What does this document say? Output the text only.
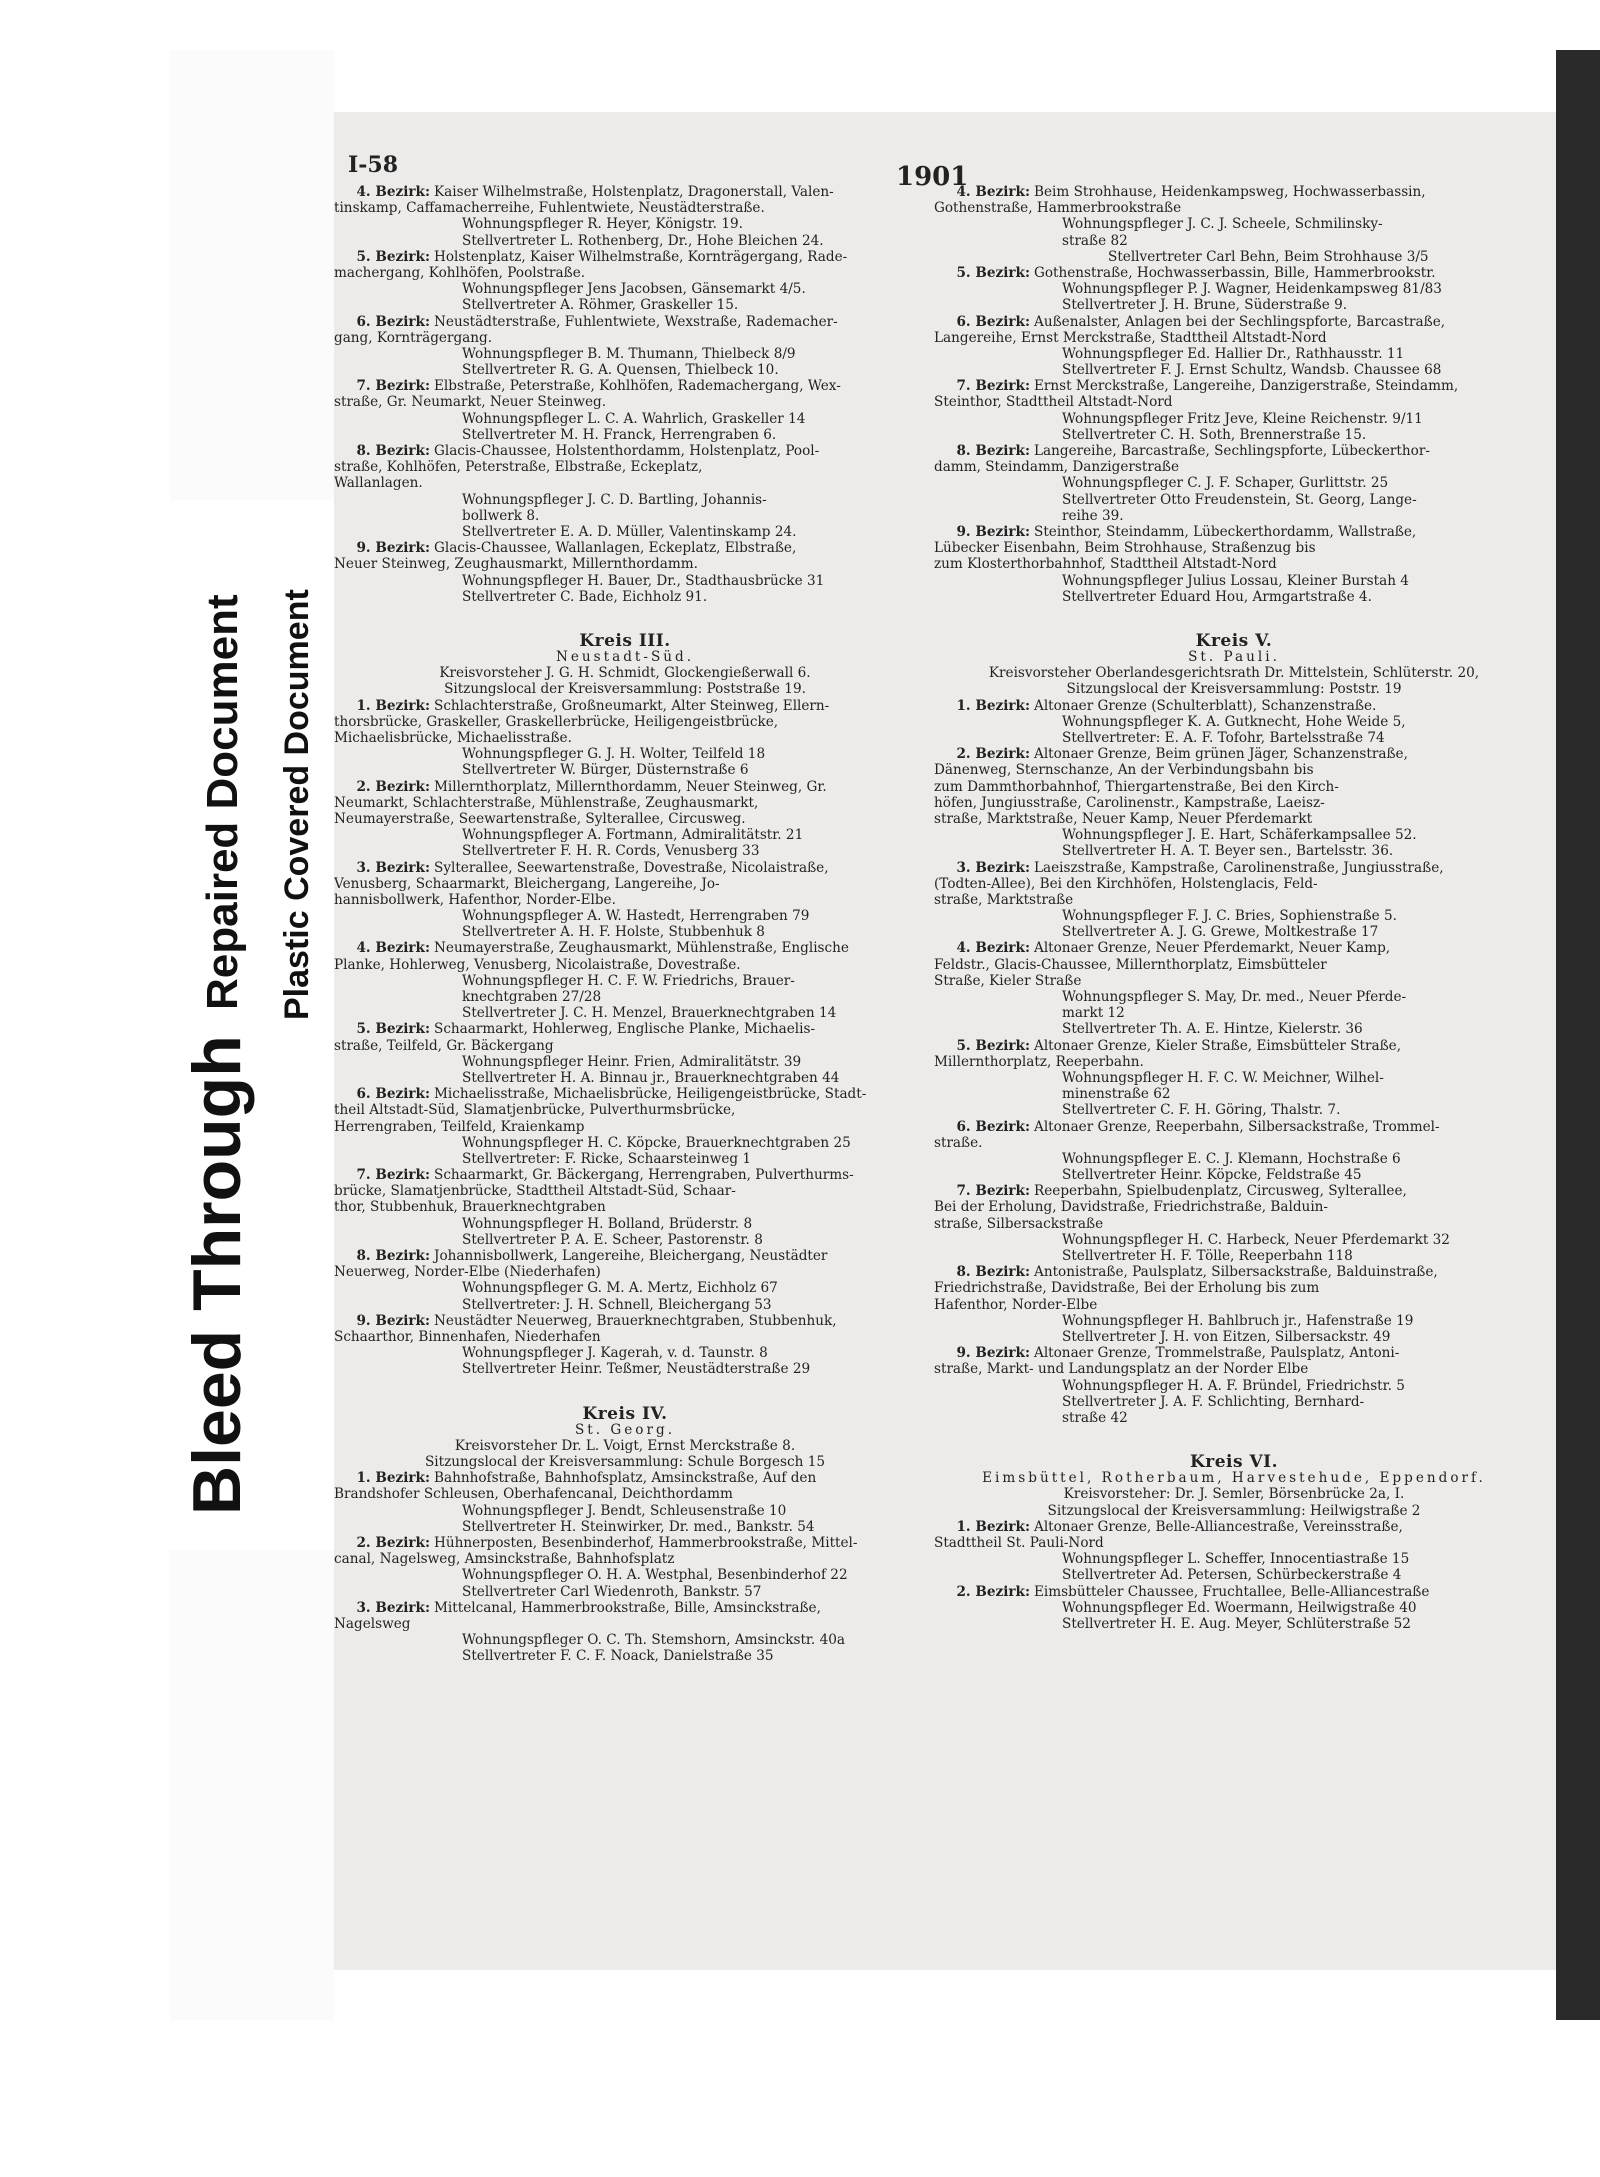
I-58	1901
4. Bezirk: Kaiser Wilhelmstraße, Holstenplatz, Dragonerstall, Valen-
tinskamp, Caffamacherreihe, Fuhlentwiete, Neustädterstraße.
Wohnungspfleger R. Heyer, Königstr. 19.
Stellvertreter L. Rothenberg, Dr., Hohe Bleichen 24.
5. Bezirk: Holstenplatz, Kaiser Wilhelmstraße, Kornträgergang, Rade-
machergang, Kohlhöfen, Poolstraße.
Wohnungspfleger Jens Jacobsen, Gänsemarkt 4/5.
Stellvertreter A. Röhmer, Graskeller 15.
6. Bezirk: Neustädterstraße, Fuhlentwiete, Wexstraße, Rademacher-
gang, Kornträgergang.
Wohnungspfleger B. M. Thumann, Thielbeck 8/9
Stellvertreter R. G. A. Quensen, Thielbeck 10.
7. Bezirk: Elbstraße, Peterstraße, Kohlhöfen, Rademachergang, Wex-
straße, Gr. Neumarkt, Neuer Steinweg.
Wohnungspfleger L. C. A. Wahrlich, Graskeller 14
Stellvertreter M. H. Franck, Herrengraben 6.
8. Bezirk: Glacis-Chaussee, Holstenthordamm, Holstenplatz, Pool-
straße, Kohlhöfen, Peterstraße, Elbstraße, Eckeplatz,
Wallanlagen.
Wohnungspfleger J. C. D. Bartling, Johannis-
bollwerk 8.
Stellvertreter E. A. D. Müller, Valentinskamp 24.
9. Bezirk: Glacis-Chaussee, Wallanlagen, Eckeplatz, Elbstraße,
Neuer Steinweg, Zeughausmarkt, Millernthordamm.
Wohnungspfleger H. Bauer, Dr., Stadthausbrücke 31
Stellvertreter C. Bade, Eichholz 91.
Kreis III.
Neustadt-Süd.
Kreisvorsteher J. G. H. Schmidt, Glockengießerwall 6.
Sitzungslocal der Kreisversammlung: Poststraße 19.
1. Bezirk: Schlachterstraße, Großneumarkt, Alter Steinweg, Ellern-
thorsbrücke, Graskeller, Graskellerbrücke, Heiligengeistbrücke,
Michaelisbrücke, Michaelisstraße.
Wohnungspfleger G. J. H. Wolter, Teilfeld 18
Stellvertreter W. Bürger, Düsternstraße 6
2. Bezirk: Millernthorplatz, Millernthordamm, Neuer Steinweg, Gr.
Neumarkt, Schlachterstraße, Mühlenstraße, Zeughausmarkt,
Neumayerstraße, Seewartenstraße, Sylterallee, Circusweg.
Wohnungspfleger A. Fortmann, Admiralitätstr. 21
Stellvertreter F. H. R. Cords, Venusberg 33
3. Bezirk: Sylterallee, Seewartenstraße, Dovestraße, Nicolaistraße,
Venusberg, Schaarmarkt, Bleichergang, Langereihe, Jo-
hannisbollwerk, Hafenthor, Norder-Elbe.
Wohnungspfleger A. W. Hastedt, Herrengraben 79
Stellvertreter A. H. F. Holste, Stubbenhuk 8
4. Bezirk: Neumayerstraße, Zeughausmarkt, Mühlenstraße, Englische
Planke, Hohlerweg, Venusberg, Nicolaistraße, Dovestraße.
Wohnungspfleger H. C. F. W. Friedrichs, Brauer-
knechtgraben 27/28
Stellvertreter J. C. H. Menzel, Brauerknechtgraben 14
5. Bezirk: Schaarmarkt, Hohlerweg, Englische Planke, Michaelis-
straße, Teilfeld, Gr. Bäckergang
Wohnungspfleger Heinr. Frien, Admiralitätstr. 39
Stellvertreter H. A. Binnau jr., Brauerknechtgraben 44
6. Bezirk: Michaelisstraße, Michaelisbrücke, Heiligengeistbrücke, Stadt-
theil Altstadt-Süd, Slamatjenbrücke, Pulverthurmsbrücke,
Herrengraben, Teilfeld, Kraienkamp
Wohnungspfleger H. C. Köpcke, Brauerknechtgraben 25
Stellvertreter: F. Ricke, Schaarsteinweg 1
7. Bezirk: Schaarmarkt, Gr. Bäckergang, Herrengraben, Pulverthurms-
brücke, Slamatjenbrücke, Stadttheil Altstadt-Süd, Schaar-
thor, Stubbenhuk, Brauerknechtgraben
Wohnungspfleger H. Bolland, Brüderstr. 8
Stellvertreter P. A. E. Scheer, Pastorenstr. 8
8. Bezirk: Johannisbollwerk, Langereihe, Bleichergang, Neustädter
Neuerweg, Norder-Elbe (Niederhafen)
Wohnungspfleger G. M. A. Mertz, Eichholz 67
Stellvertreter: J. H. Schnell, Bleichergang 53
9. Bezirk: Neustädter Neuerweg, Brauerknechtgraben, Stubbenhuk,
Schaarthor, Binnenhafen, Niederhafen
Wohnungspfleger J. Kagerah, v. d. Taunstr. 8
Stellvertreter Heinr. Teßmer, Neustädterstraße 29
Kreis IV.
St. Georg.
Kreisvorsteher Dr. L. Voigt, Ernst Merckstraße 8.
Sitzungslocal der Kreisversammlung: Schule Borgesch 15
1. Bezirk: Bahnhofstraße, Bahnhofsplatz, Amsinckstraße, Auf den
Brandshofer Schleusen, Oberhafencanal, Deichthordamm
Wohnungspfleger J. Bendt, Schleusenstraße 10
Stellvertreter H. Steinwirker, Dr. med., Bankstr. 54
2. Bezirk: Hühnerposten, Besenbinderhof, Hammerbrookstraße, Mittel-
canal, Nagelsweg, Amsinckstraße, Bahnhofsplatz
Wohnungspfleger O. H. A. Westphal, Besenbinderhof 22
Stellvertreter Carl Wiedenroth, Bankstr. 57
3. Bezirk: Mittelcanal, Hammerbrookstraße, Bille, Amsinckstraße,
Nagelsweg
Wohnungspfleger O. C. Th. Stemshorn, Amsinckstr. 40a
Stellvertreter F. C. F. Noack, Danielstraße 35
4. Bezirk: Beim Strohhause, Heidenkampsweg, Hochwasserbassin,
Gothenstraße, Hammerbrookstraße
Wohnungspfleger J. C. J. Scheele, Schmilinsky-
straße 82
Stellvertreter Carl Behn, Beim Strohhause 3/5
5. Bezirk: Gothenstraße, Hochwasserbassin, Bille, Hammerbrookstr.
Wohnungspfleger P. J. Wagner, Heidenkampsweg 81/83
Stellvertreter J. H. Brune, Süderstraße 9.
6. Bezirk: Außenalster, Anlagen bei der Sechlingspforte, Barcastraße,
Langereihe, Ernst Merckstraße, Stadttheil Altstadt-Nord
Wohnungspfleger Ed. Hallier Dr., Rathhausstr. 11
Stellvertreter F. J. Ernst Schultz, Wandsb. Chaussee 68
7. Bezirk: Ernst Merckstraße, Langereihe, Danzigerstraße, Steindamm,
Steinthor, Stadttheil Altstadt-Nord
Wohnungspfleger Fritz Jeve, Kleine Reichenstr. 9/11
Stellvertreter C. H. Soth, Brennerstraße 15.
8. Bezirk: Langereihe, Barcastraße, Sechlingspforte, Lübeckerthor-
damm, Steindamm, Danzigerstraße
Wohnungspfleger C. J. F. Schaper, Gurlittstr. 25
Stellvertreter Otto Freudenstein, St. Georg, Lange-
reihe 39.
9. Bezirk: Steinthor, Steindamm, Lübeckerthordamm, Wallstraße,
Lübecker Eisenbahn, Beim Strohhause, Straßenzug bis
zum Klosterthorbahnhof, Stadttheil Altstadt-Nord
Wohnungspfleger Julius Lossau, Kleiner Burstah 4
Stellvertreter Eduard Hou, Armgartstraße 4.
Kreis V.
St. Pauli.
Kreisvorsteher Oberlandesgerichtsrath Dr. Mittelstein, Schlüterstr. 20,
Sitzungslocal der Kreisversammlung: Poststr. 19
1. Bezirk: Altonaer Grenze (Schulterblatt), Schanzenstraße.
Wohnungspfleger K. A. Gutknecht, Hohe Weide 5,
Stellvertreter: E. A. F. Tofohr, Bartelsstraße 74
2. Bezirk: Altonaer Grenze, Beim grünen Jäger, Schanzenstraße,
Dänenweg, Sternschanze, An der Verbindungsbahn bis
zum Dammthorbahnhof, Thiergartenstraße, Bei den Kirch-
höfen, Jungiusstraße, Carolinenstr., Kampstraße, Laeisz-
straße, Marktstraße, Neuer Kamp, Neuer Pferdemarkt
Wohnungspfleger J. E. Hart, Schäferkampsallee 52.
Stellvertreter H. A. T. Beyer sen., Bartelsstr. 36.
3. Bezirk: Laeiszstraße, Kampstraße, Carolinenstraße, Jungiusstraße,
(Todten-Allee), Bei den Kirchhöfen, Holstenglacis, Feld-
straße, Marktstraße
Wohnungspfleger F. J. C. Bries, Sophienstraße 5.
Stellvertreter A. J. G. Grewe, Moltkestraße 17
4. Bezirk: Altonaer Grenze, Neuer Pferdemarkt, Neuer Kamp,
Feldstr., Glacis-Chaussee, Millernthorplatz, Eimsbütteler
Straße, Kieler Straße
Wohnungspfleger S. May, Dr. med., Neuer Pferde-
markt 12
Stellvertreter Th. A. E. Hintze, Kielerstr. 36
5. Bezirk: Altonaer Grenze, Kieler Straße, Eimsbütteler Straße,
Millernthorplatz, Reeperbahn.
Wohnungspfleger H. F. C. W. Meichner, Wilhel-
minenstraße 62
Stellvertreter C. F. H. Göring, Thalstr. 7.
6. Bezirk: Altonaer Grenze, Reeperbahn, Silbersackstraße, Trommel-
straße.
Wohnungspfleger E. C. J. Klemann, Hochstraße 6
Stellvertreter Heinr. Köpcke, Feldstraße 45
7. Bezirk: Reeperbahn, Spielbudenplatz, Circusweg, Sylterallee,
Bei der Erholung, Davidstraße, Friedrichstraße, Balduin-
straße, Silbersackstraße
Wohnungspfleger H. C. Harbeck, Neuer Pferdemarkt 32
Stellvertreter H. F. Tölle, Reeperbahn 118
8. Bezirk: Antonistraße, Paulsplatz, Silbersackstraße, Balduinstraße,
Friedrichstraße, Davidstraße, Bei der Erholung bis zum
Hafenthor, Norder-Elbe
Wohnungspfleger H. Bahlbruch jr., Hafenstraße 19
Stellvertreter J. H. von Eitzen, Silbersackstr. 49
9. Bezirk: Altonaer Grenze, Trommelstraße, Paulsplatz, Antoni-
straße, Markt- und Landungsplatz an der Norder Elbe
Wohnungspfleger H. A. F. Bründel, Friedrichstr. 5
Stellvertreter J. A. F. Schlichting, Bernhard-
straße 42
Kreis VI.
Eimsbüttel, Rotherbaum, Harvestehude, Eppendorf.
Kreisvorsteher: Dr. J. Semler, Börsenbrücke 2a, I.
Sitzungslocal der Kreisversammlung: Heilwigstraße 2
1. Bezirk: Altonaer Grenze, Belle-Alliancestraße, Vereinsstraße,
Stadttheil St. Pauli-Nord
Wohnungspfleger L. Scheffer, Innocentiastraße 15
Stellvertreter Ad. Petersen, Schürbeckerstraße 4
2. Bezirk: Eimsbütteler Chaussee, Fruchtallee, Belle-Alliancestraße
Wohnungspfleger Ed. Woermann, Heilwigstraße 40
Stellvertreter H. E. Aug. Meyer, Schlüterstraße 52
Bleed Through
Repaired Document Plastic Covered Document
